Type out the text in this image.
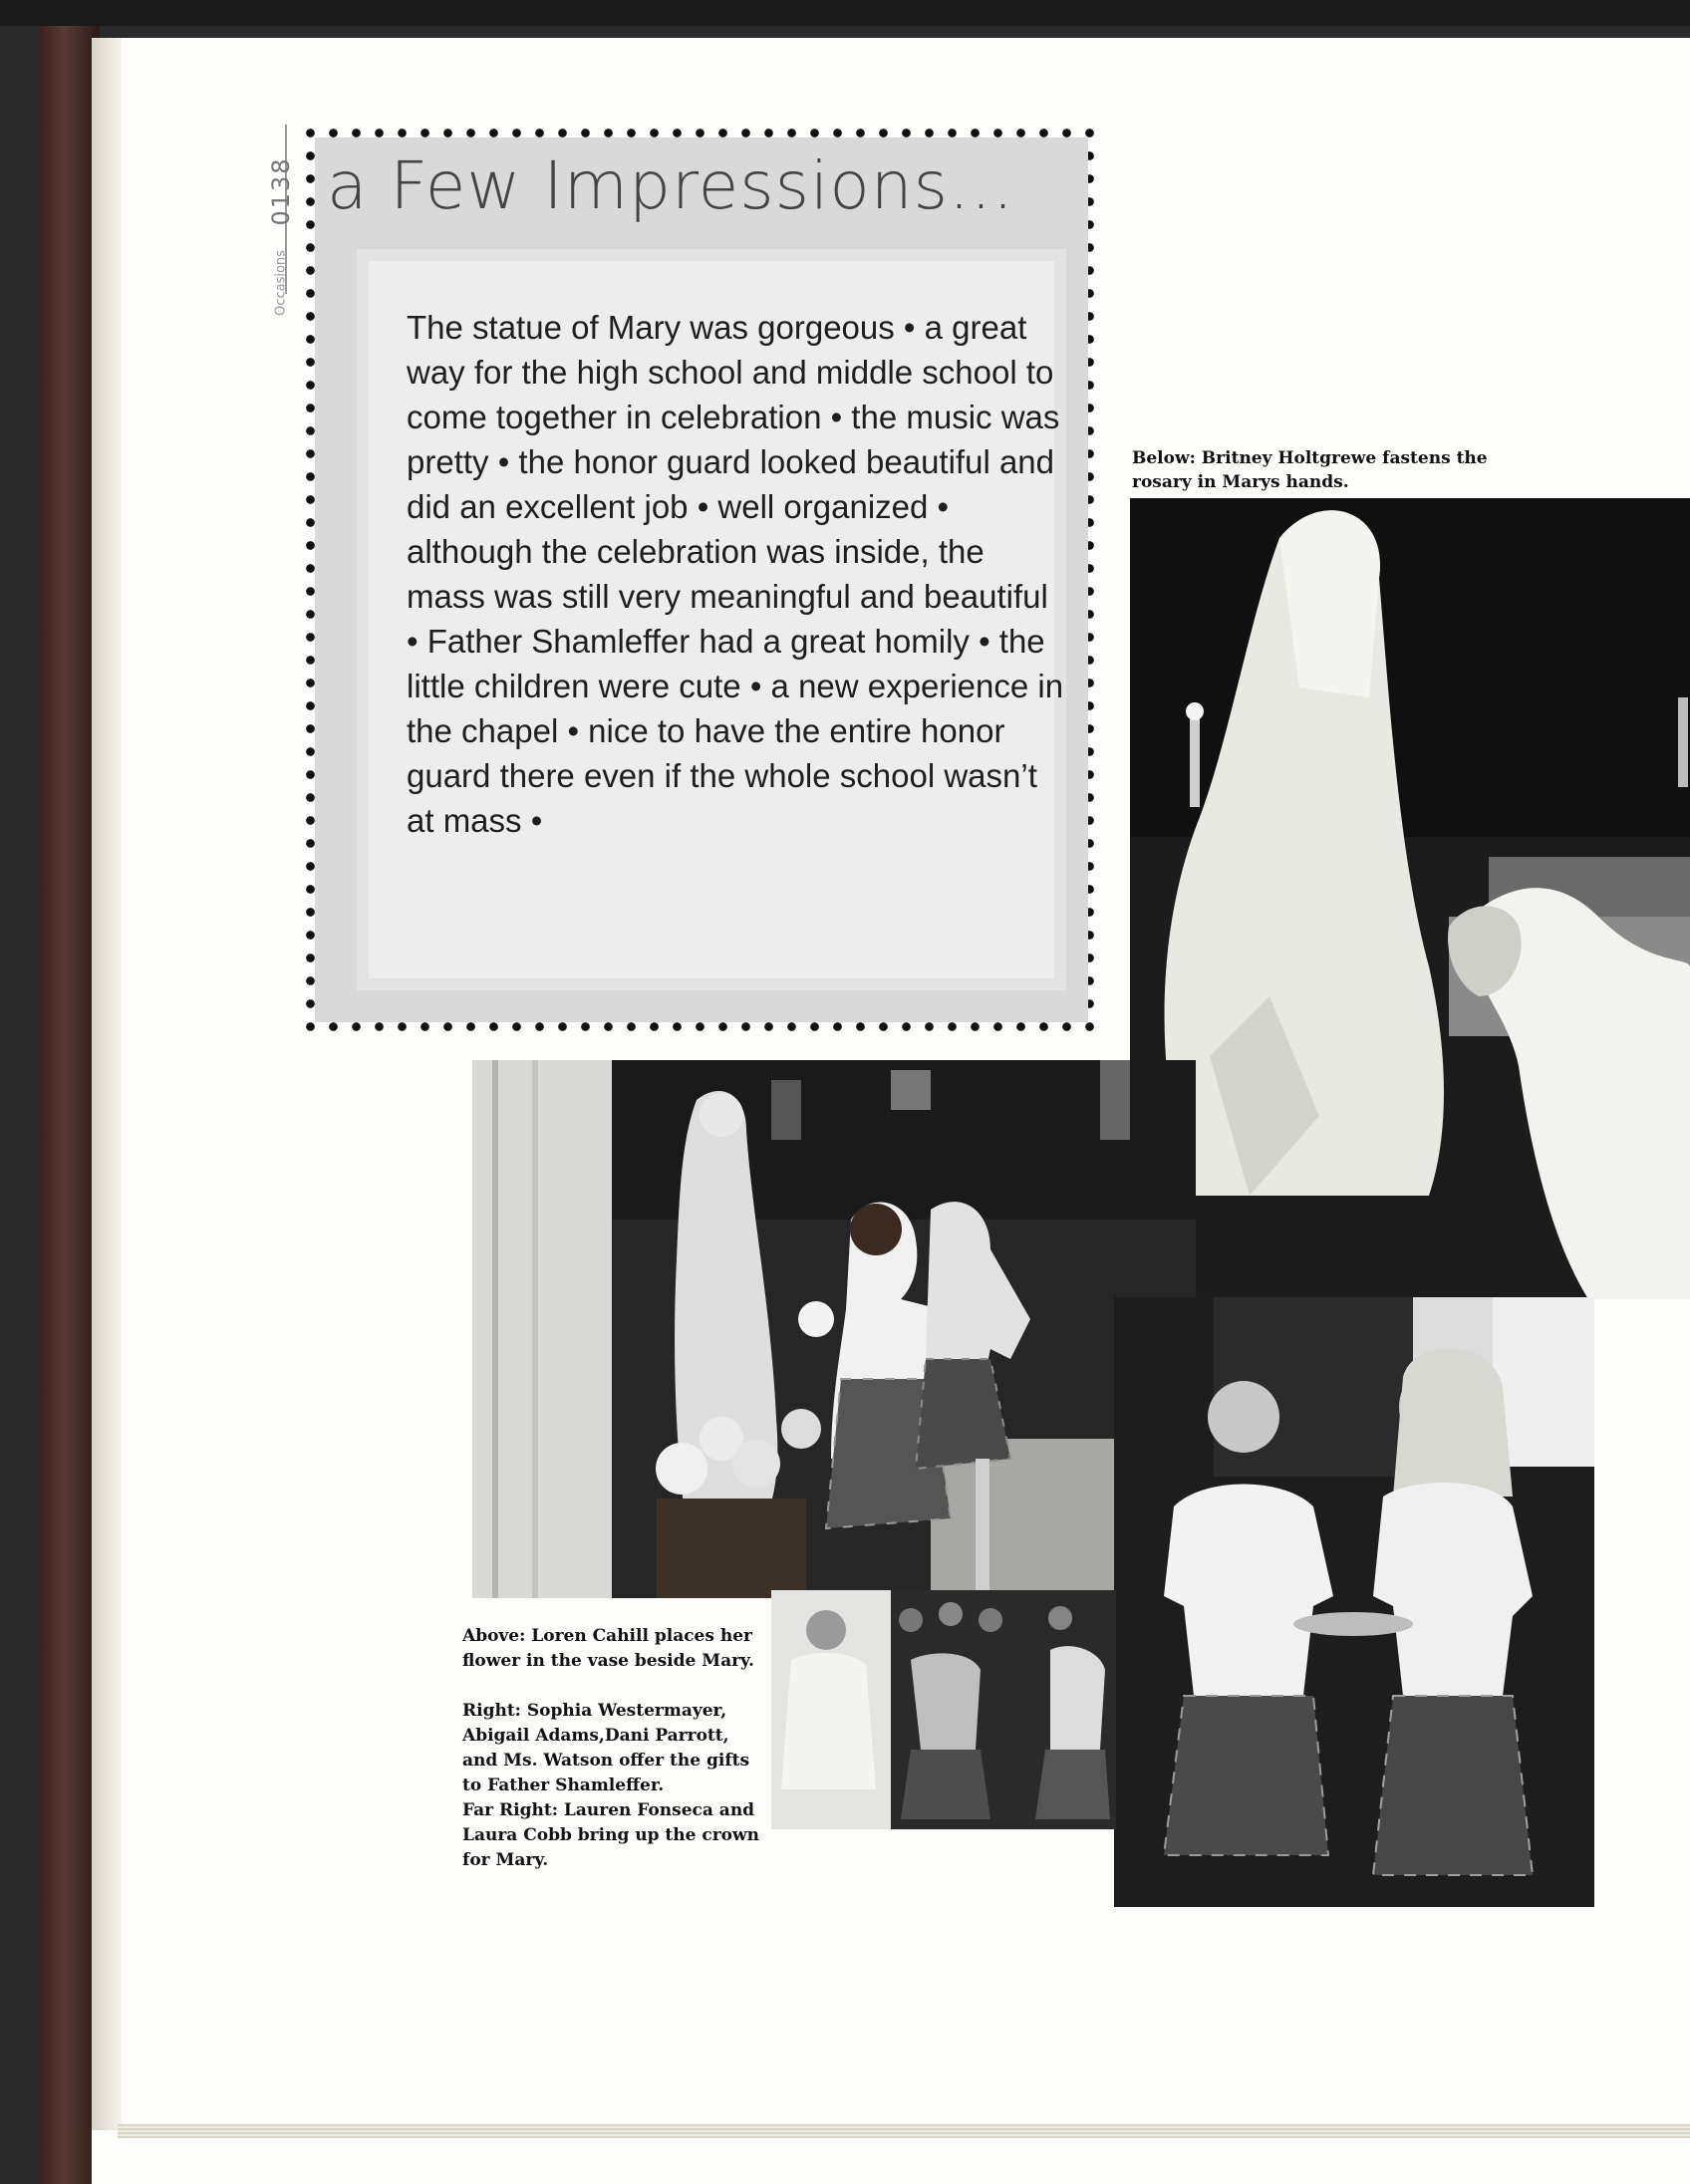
0138
Occasions
a Few Impressions...
The statue of Mary was gorgeous • a great way for the high school and middle school to come together in celebration • the music was pretty • the honor guard looked beautiful and did an excellent job • well organized • although the celebration was inside, the mass was still very meaningful and beautiful • Father Shamleffer had a great homily • the little children were cute • a new experience in the chapel • nice to have the entire honor guard there even if the whole school wasn’t at mass •
Below: Britney Holtgrewe fastens the rosary in Marys hands.
Above: Loren Cahill places her flower in the vase beside Mary.
Right: Sophia Westermayer, Abigail Adams,Dani Parrott, and Ms. Watson offer the gifts to Father Shamleffer.
Far Right: Lauren Fonseca and Laura Cobb bring up the crown for Mary.
